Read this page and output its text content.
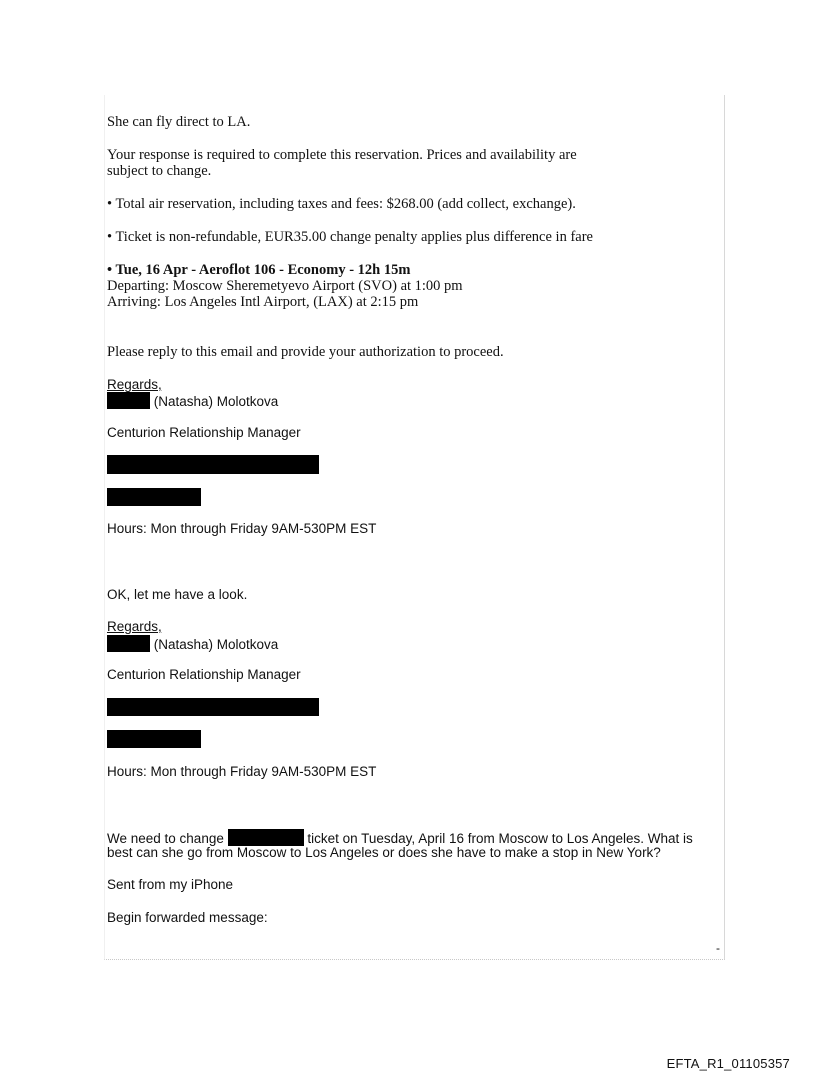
-

She can fly direct to LA.

Your response is required to complete this reservation. Prices and availability are

subject to change.

• Total air reservation, including taxes and fees: $268.00 (add collect, exchange).

• Ticket is non-refundable, EUR35.00 change penalty applies plus difference in fare

• Tue, 16 Apr - Aeroflot 106 - Economy - 12h 15m

Departing: Moscow Sheremetyevo Airport (SVO) at 1:00 pm

Arriving: Los Angeles Intl Airport, (LAX) at 2:15 pm

Please reply to this email and provide your authorization to proceed.

Regards,

(Natasha) Molotkova

Centurion Relationship Manager

Hours: Mon through Friday 9AM-530PM EST

OK, let me have a look.

Regards,

(Natasha) Molotkova

Centurion Relationship Manager

Hours: Mon through Friday 9AM-530PM EST

We need to change	ticket on Tuesday, April 16 from Moscow to Los Angeles. What is

best can she go from Moscow to Los Angeles or does she have to make a stop in New York?

Sent from my iPhone

Begin forwarded message:

EFTA_R1_01105357
